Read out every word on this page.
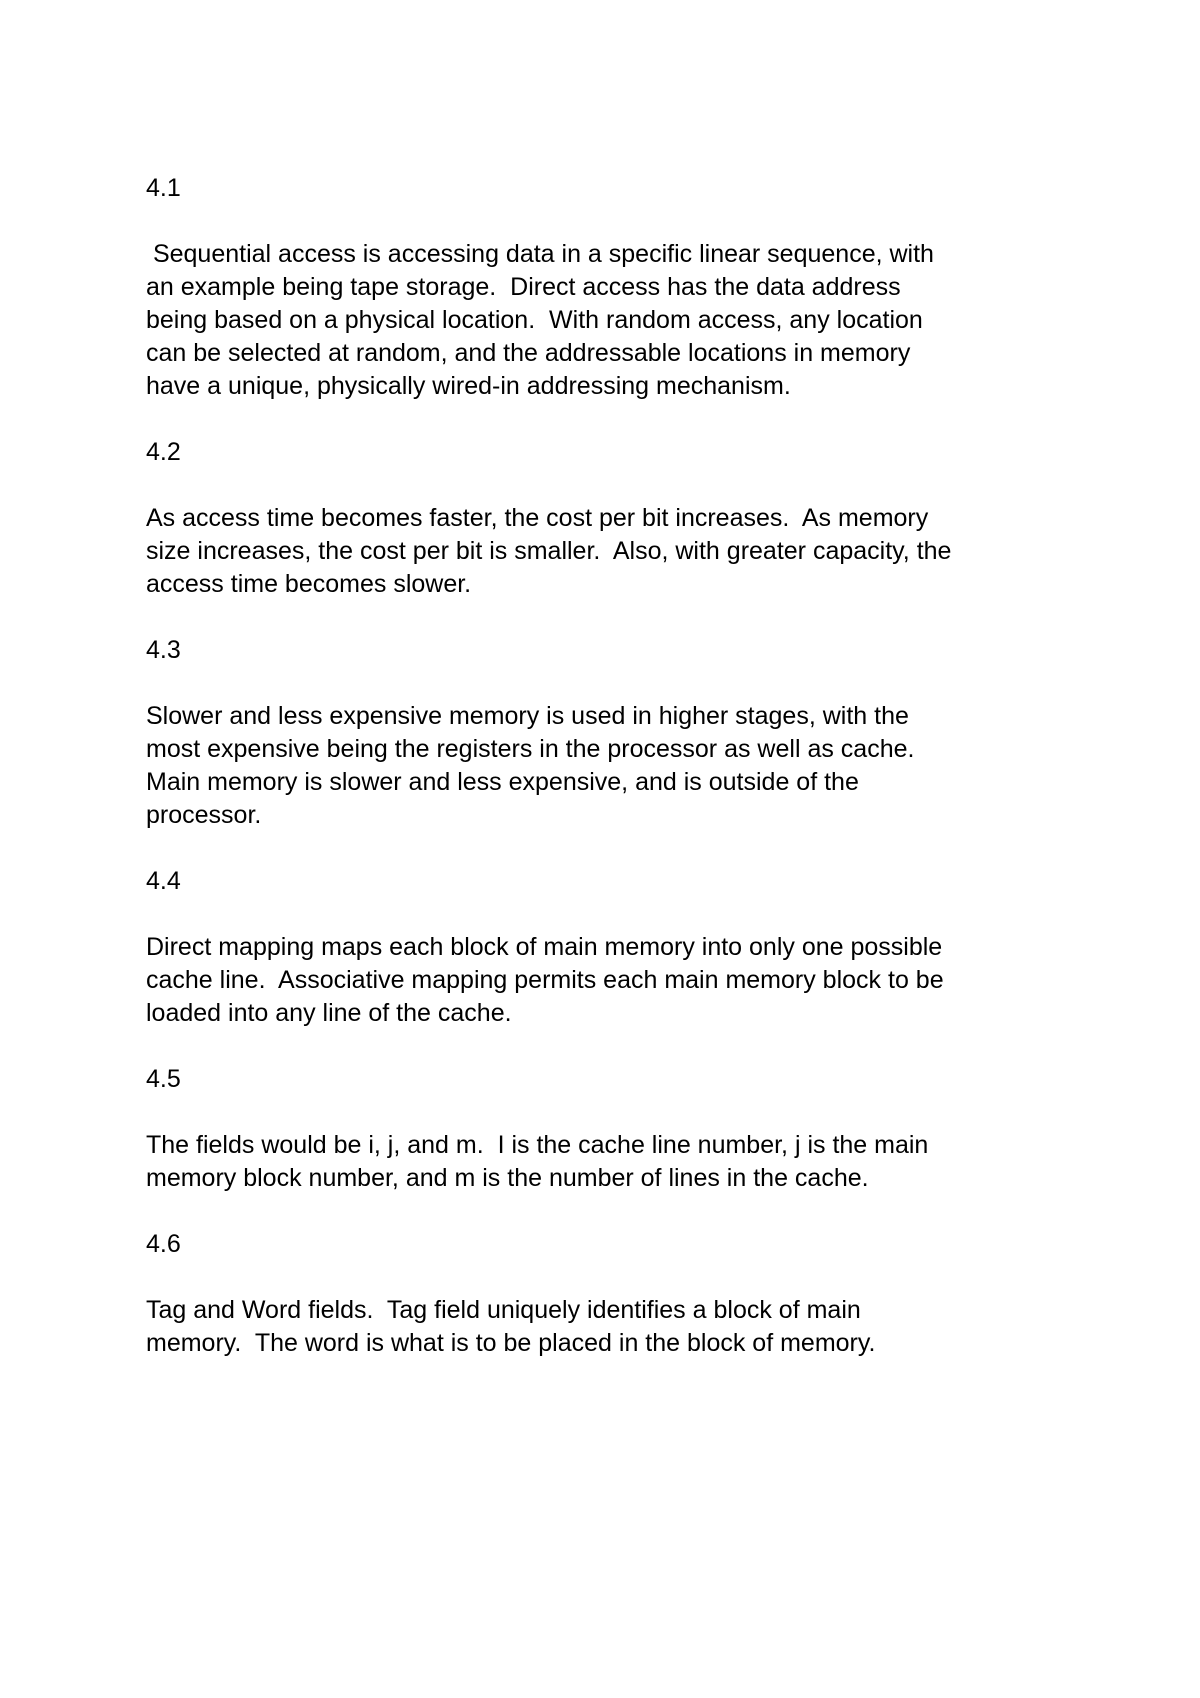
4.1

Sequential access is accessing data in a specific linear sequence, with
an example being tape storage.  Direct access has the data address
being based on a physical location.  With random access, any location
can be selected at random, and the addressable locations in memory
have a unique, physically wired-in addressing mechanism.

4.2

As access time becomes faster, the cost per bit increases.  As memory
size increases, the cost per bit is smaller.  Also, with greater capacity, the
access time becomes slower.

4.3

Slower and less expensive memory is used in higher stages, with the
most expensive being the registers in the processor as well as cache.
Main memory is slower and less expensive, and is outside of the
processor.

4.4

Direct mapping maps each block of main memory into only one possible
cache line.  Associative mapping permits each main memory block to be
loaded into any line of the cache.

4.5

The fields would be i, j, and m.  I is the cache line number, j is the main
memory block number, and m is the number of lines in the cache.

4.6

Tag and Word fields.  Tag field uniquely identifies a block of main
memory.  The word is what is to be placed in the block of memory.
